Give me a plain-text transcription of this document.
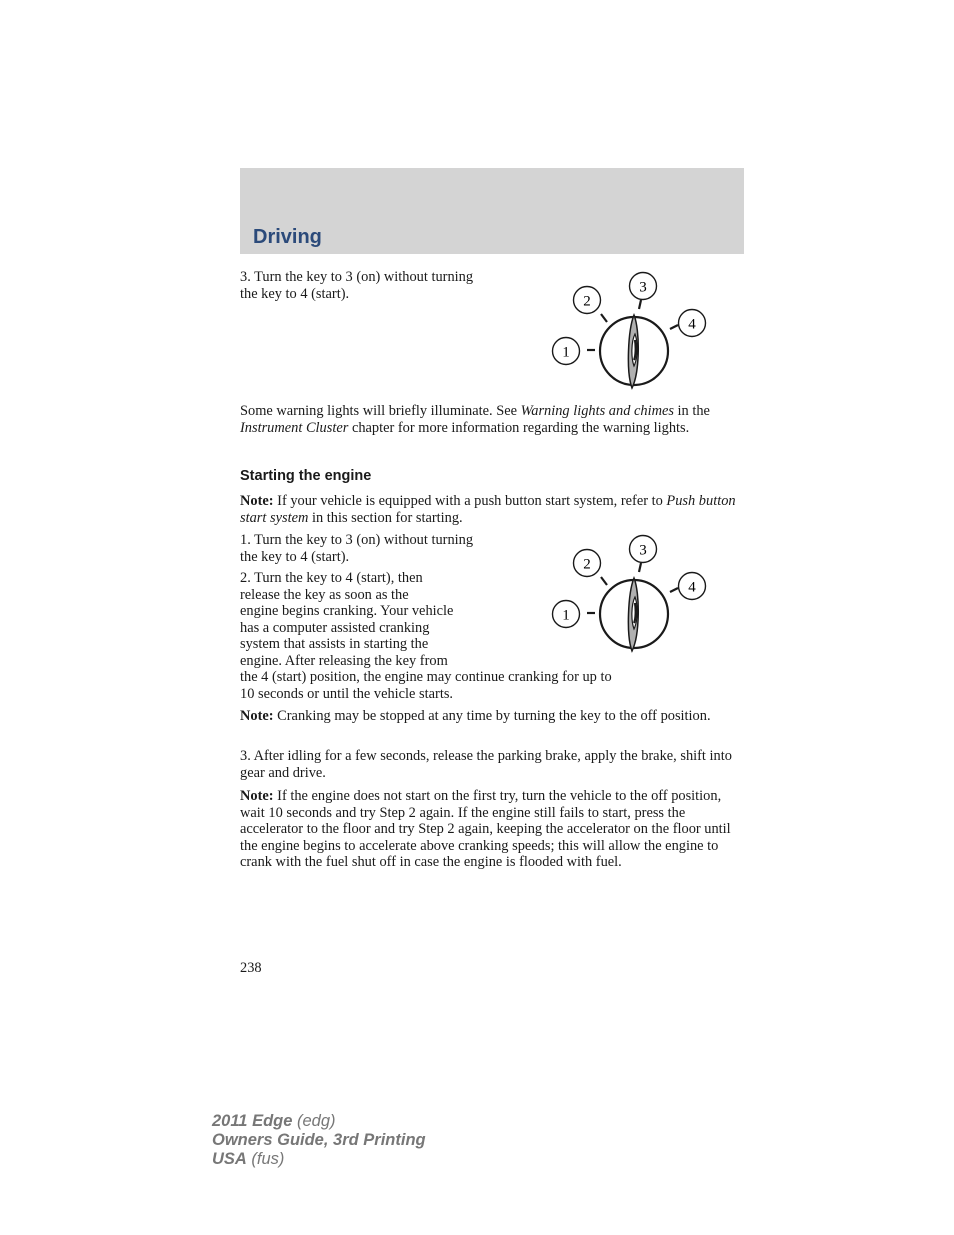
Driving

3. Turn the key to 3 (on) without turning the key to 4 (start).

1
2
3
4

Some warning lights will briefly illuminate. See Warning lights and chimes in the Instrument Cluster chapter for more information regarding the warning lights.

Starting the engine

Note: If your vehicle is equipped with a push button start system, refer to Push button start system in this section for starting.

1. Turn the key to 3 (on) without turning the key to 4 (start).

1
2
3
4
2. Turn the key to 4 (start), then
release the key as soon as the
engine begins cranking. Your vehicle
has a computer assisted cranking
system that assists in starting the
engine. After releasing the key from
the 4 (start) position, the engine may continue cranking for up to
10 seconds or until the vehicle starts.

Note: Cranking may be stopped at any time by turning the key to the off position.

3. After idling for a few seconds, release the parking brake, apply the brake, shift into gear and drive.

Note: If the engine does not start on the first try, turn the vehicle to the off position, wait 10 seconds and try Step 2 again. If the engine still fails to start, press the accelerator to the floor and try Step 2 again, keeping the accelerator on the floor until the engine begins to accelerate above cranking speeds; this will allow the engine to crank with the fuel shut off in case the engine is flooded with fuel.

238
2011 Edge (edg)
Owners Guide, 3rd Printing
USA (fus)
